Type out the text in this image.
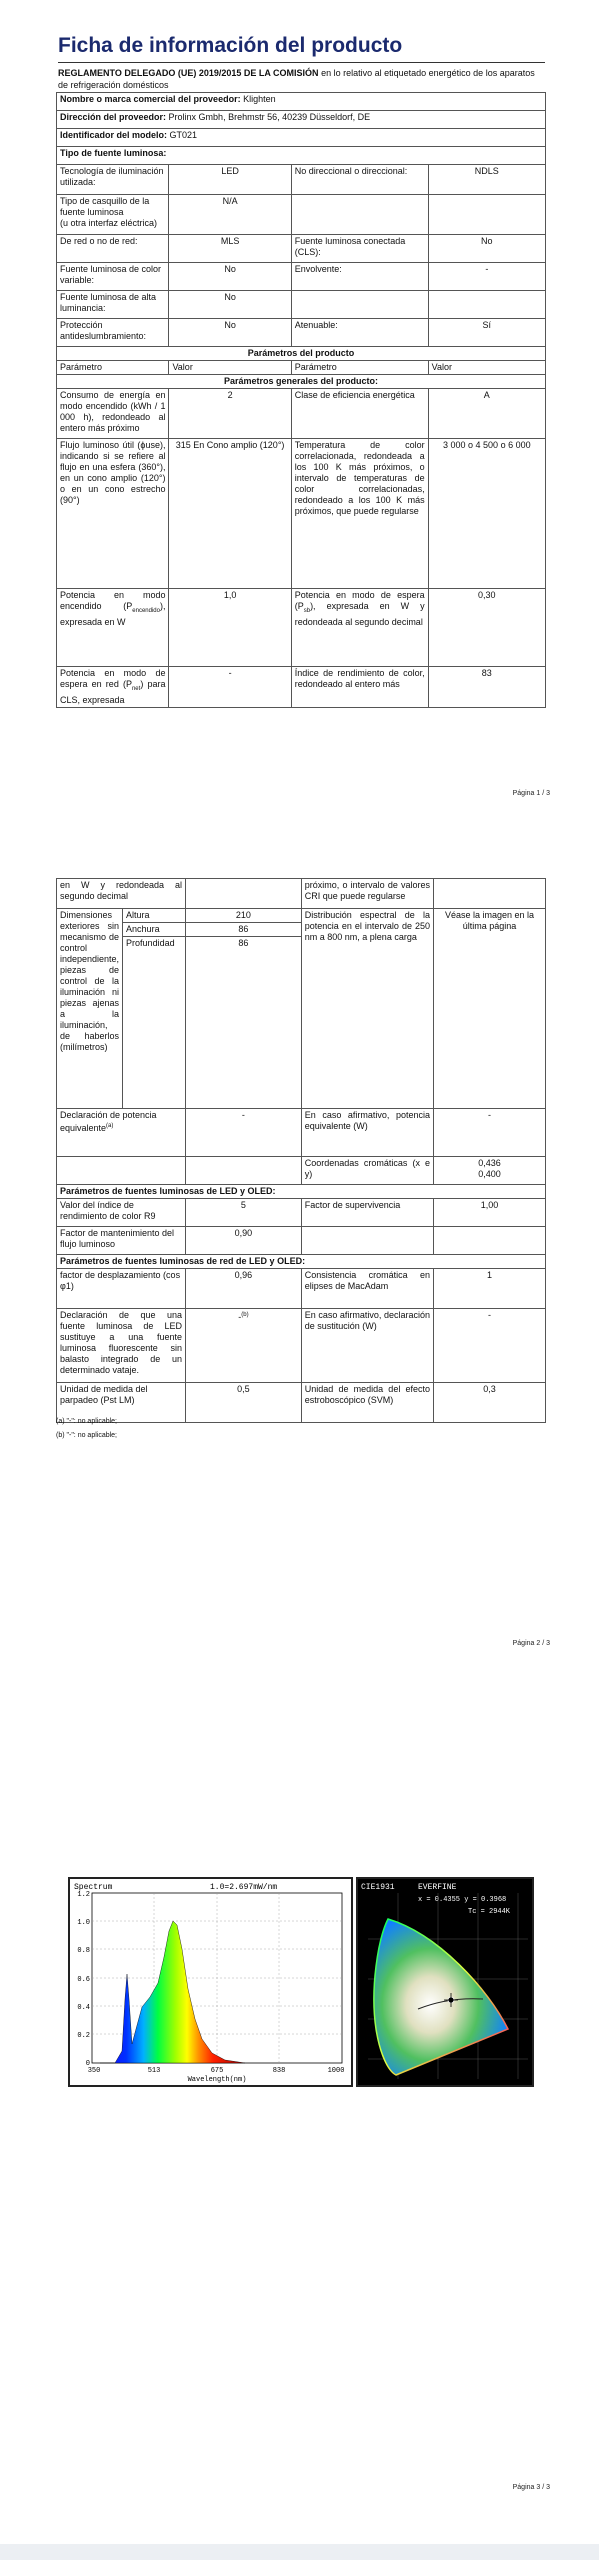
Ficha de información del producto
REGLAMENTO DELEGADO (UE) 2019/2015 DE LA COMISIÓN en lo relativo al etiquetado energético de los aparatos de refrigeración domésticos
Nombre o marca comercial del proveedor: Klighten			
Dirección del proveedor: Prolinx Gmbh, Brehmstr 56, 40239 Düsseldorf, DE			
Identificador del modelo: GT021			
Tipo de fuente luminosa:			
Tecnología de iluminación utilizada:	LED	No direccional o direccional:	NDLS
Tipo de casquillo de la fuente luminosa
(u otra interfaz eléctrica)	N/A		
De red o no de red:	MLS	Fuente luminosa conectada (CLS):	No
Fuente luminosa de color variable:	No	Envolvente:	-
Fuente luminosa de alta luminancia:	No		
Protección antideslumbramiento:	No	Atenuable:	Sí
Parámetros del producto			
Parámetro	Valor	Parámetro	Valor
Parámetros generales del producto:			
Consumo de energía en modo encendido (kWh / 1 000 h), redondeado al entero más próximo	2	Clase de eficiencia energética	A
Flujo luminoso útil (ϕuse), indicando si se refiere al flujo en una esfera (360°), en un cono amplio (120°) o en un cono estrecho (90°)	315 En Cono amplio (120°)	Temperatura de color correlacionada, redondeada a los 100 K más próximos, o intervalo de temperaturas de color correlacionadas, redondeado a los 100 K más próximos, que puede regularse	3 000 o 4 500 o 6 000
Potencia en modo encendido $(P_{encendido})$, expresada en W	1,0	Potencia en modo de espera $(P_{sb})$, expresada en W y redondeada al segundo decimal	0,30
Potencia en modo de espera en red $(P_{net})$ para CLS, expresada	-	Índice de rendimiento de color, redondeado al entero más	83
Página 1 / 3
en W y redondeada al segundo decimal			próximo, o intervalo de valores CRI que puede regularse	
Dimensiones exteriores sin mecanismo de control independiente, piezas de control de la iluminación ni piezas ajenas a la iluminación, de haberlos (milímetros)	Altura	210	Distribución espectral de la potencia en el intervalo de 250 nm a 800 nm, a plena carga	Véase la imagen en la última página
	Anchura	86		
	Profundidad	86		
Declaración de potencia equivalente$^{(a)}$		-	En caso afirmativo, potencia equivalente (W)	-
			Coordenadas cromáticas (x e y)	0,436
0,400
Parámetros de fuentes luminosas de LED y OLED:				
Valor del índice de rendimiento de color R9		5	Factor de supervivencia	1,00
Factor de mantenimiento del flujo luminoso		0,90		
Parámetros de fuentes luminosas de red de LED y OLED:				
factor de desplazamiento (cos φ1)		0,96	Consistencia cromática en elipses de MacAdam	1
Declaración de que una fuente luminosa de LED sustituye a una fuente luminosa fluorescente sin balasto integrado de un determinado vataje.		-$^{(b)}$	En caso afirmativo, declaración de sustitución (W)	-
Unidad de medida del parpadeo (Pst LM)		0,5	Unidad de medida del efecto estroboscópico (SVM)	0,3
(a) "-": no aplicable;
(b) "-": no aplicable;
Página 2 / 3
Spectrum	1.0=2.697mW/nm
1.2
1.0
0.8
0.6
0.4
0.2
0
350	513	675	838	1000
Wavelength(nm)
CIE1931	EVERFINE
x = 0.4355 y = 0.3968
Tc = 2944K
Página 3 / 3
